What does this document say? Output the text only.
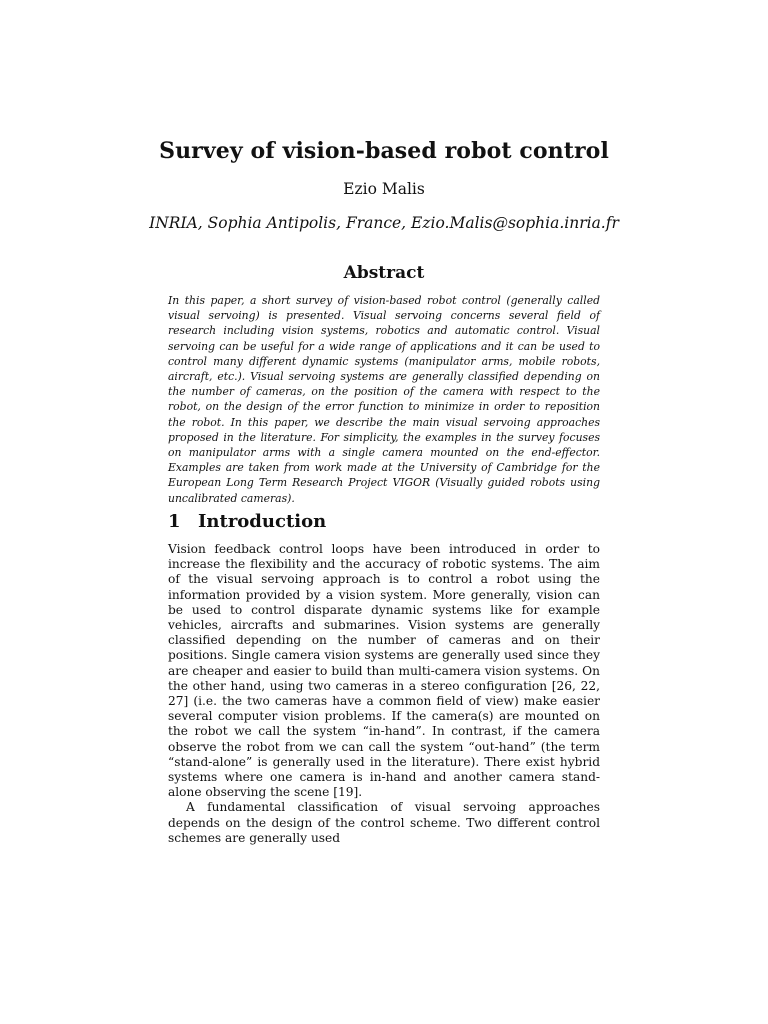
Survey of vision-based robot control
Ezio Malis
INRIA, Sophia Antipolis, France, Ezio.Malis@sophia.inria.fr
Abstract

In this paper, a short survey of vision-based robot control (generally called visual servoing) is presented. Visual servoing concerns several field of research including vision systems, robotics and automatic control. Visual servoing can be useful for a wide range of applications and it can be used to control many different dynamic systems (manipulator arms, mobile robots, aircraft, etc.). Visual servoing systems are generally classified depending on the number of cameras, on the position of the camera with respect to the robot, on the design of the error function to minimize in order to reposition the robot. In this paper, we describe the main visual servoing approaches proposed in the literature. For simplicity, the examples in the survey focuses on manipulator arms with a single camera mounted on the end-effector. Examples are taken from work made at the University of Cambridge for the European Long Term Research Project VIGOR (Visually guided robots using uncalibrated cameras).

1 Introduction

Vision feedback control loops have been introduced in order to increase the flexibility and the accuracy of robotic systems. The aim of the visual servoing approach is to control a robot using the information provided by a vision system. More generally, vision can be used to control disparate dynamic systems like for example vehicles, aircrafts and submarines. Vision systems are generally classified depending on the number of cameras and on their positions. Single camera vision systems are generally used since they are cheaper and easier to build than multi-camera vision systems. On the other hand, using two cameras in a stereo configuration [26, 22, 27] (i.e. the two cameras have a common field of view) make easier several computer vision problems. If the camera(s) are mounted on the robot we call the system “in-hand”. In contrast, if the camera observe the robot from we can call the system “out-hand” (the term “stand-alone” is generally used in the literature). There exist hybrid systems where one camera is in-hand and another camera stand-alone observing the scene [19].

A fundamental classification of visual servoing approaches depends on the design of the control scheme. Two different control schemes are generally used
